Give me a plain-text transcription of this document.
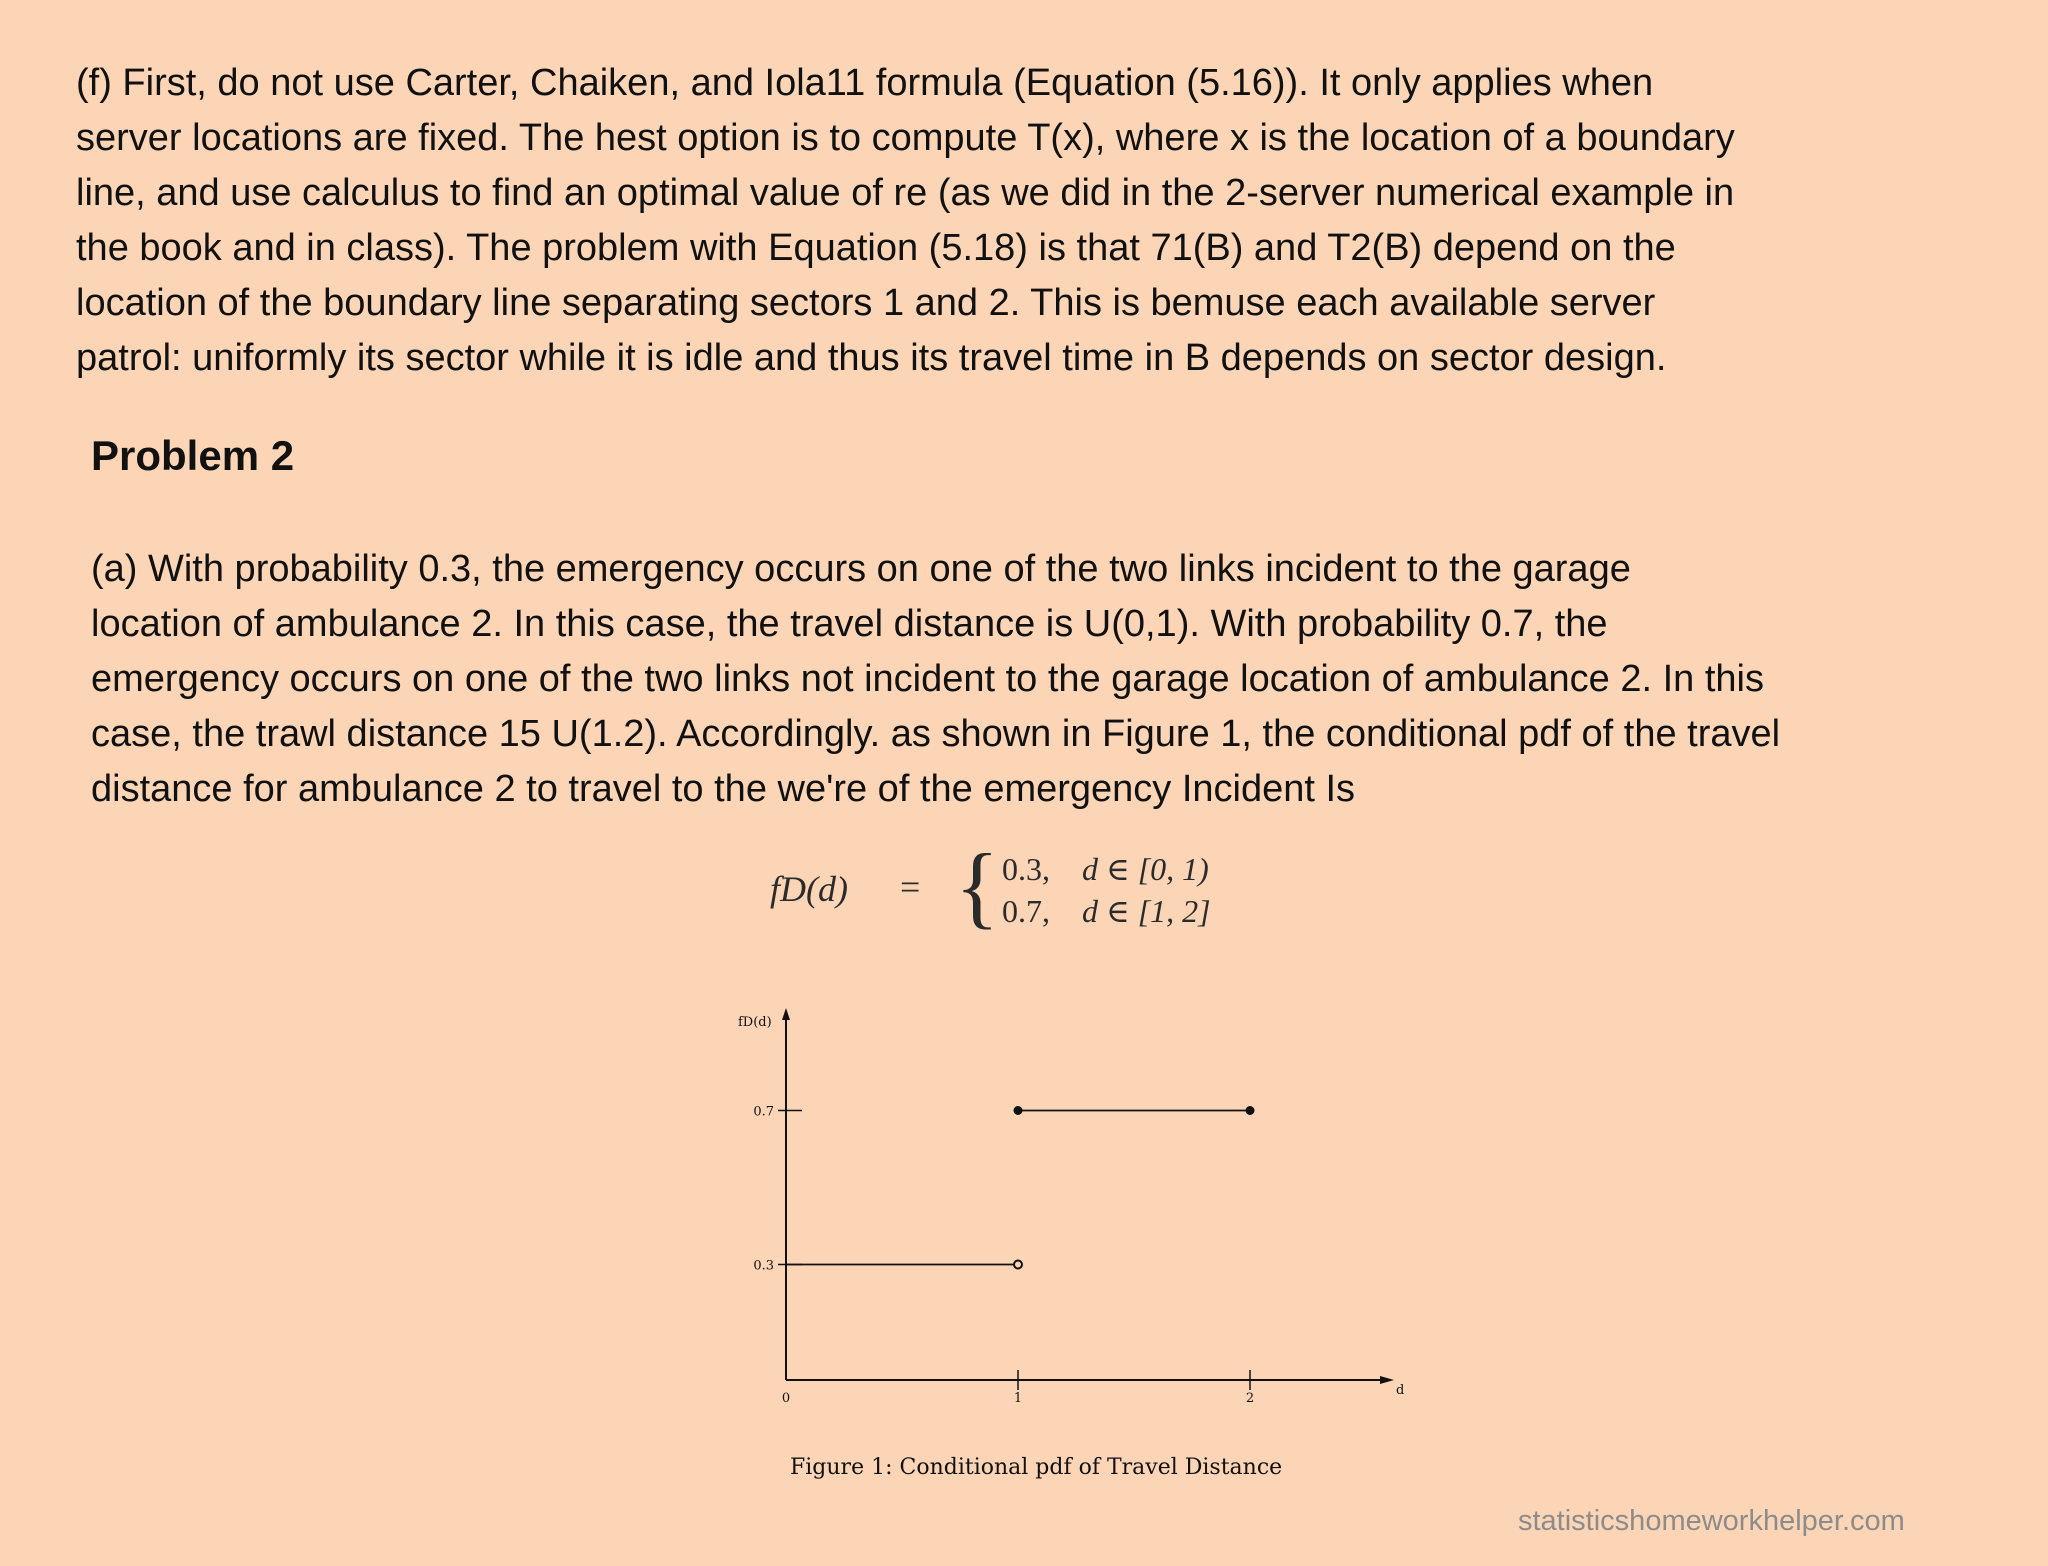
(f) First, do not use Carter, Chaiken, and Iola11 formula (Equation (5.16)). It only applies when
server locations are fixed. The hest option is to compute T(x), where x is the location of a boundary
line, and use calculus to find an optimal value of re (as we did in the 2-server numerical example in
the book and in class). The problem with Equation (5.18) is that 71(B) and T2(B) depend on the
location of the boundary line separating sectors 1 and 2. This is bemuse each available server
patrol: uniformly its sector while it is idle and thus its travel time in B depends on sector design.
Problem 2
(a) With probability 0.3, the emergency occurs on one of the two links incident to the garage
location of ambulance 2. In this case, the travel distance is U(0,1). With probability 0.7, the
emergency occurs on one of the two links not incident to the garage location of ambulance 2. In this
case, the trawl distance 15 U(1.2). Accordingly. as shown in Figure 1, the conditional pdf of the travel
distance for ambulance 2 to travel to the we're of the emergency Incident Is
fD(d) = { 0.3, d ∈ [0, 1)
0.7, d ∈ [1, 2]
fD(d)
d
0	1	2
0.7
0.3
Figure 1: Conditional pdf of Travel Distance
statisticshomeworkhelper.com
